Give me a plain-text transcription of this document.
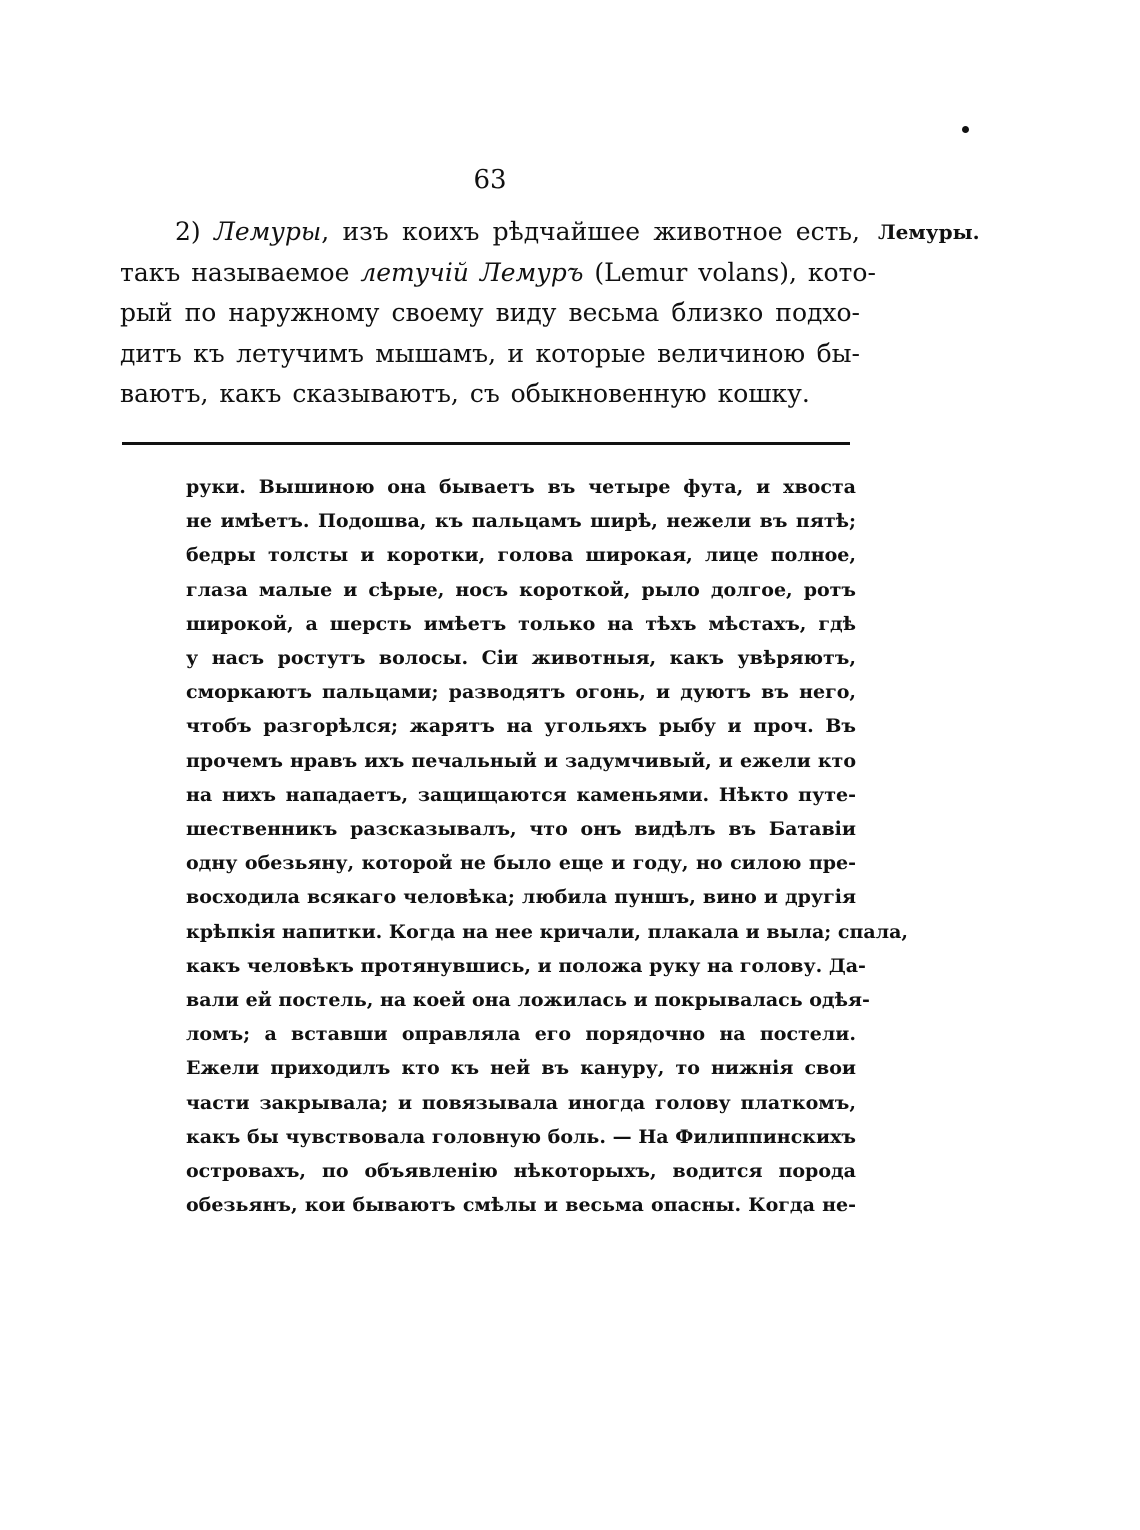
63
2) Лемуры, изъ коихъ рѣдчайшее животное есть,
такъ называемое летучій Лемуръ (Lemur volans), кото-
рый по наружному своему виду весьма близко подхо-
дитъ къ летучимъ мышамъ, и которые величиною бы-
ваютъ, какъ сказываютъ, съ обыкновенную кошку.
Лемуры.
руки. Вышиною она бываетъ въ четыре фута, и хвоста
не имѣетъ. Подошва, къ пальцамъ ширѣ, нежели въ пятѣ;
бедры толсты и коротки, голова широкая, лице полное,
глаза малые и сѣрые, носъ короткой, рыло долгое, ротъ
широкой, а шерсть имѣетъ только на тѣхъ мѣстахъ, гдѣ
у насъ ростутъ волосы. Сіи животныя, какъ увѣряютъ,
сморкаютъ пальцами; разводятъ огонь, и дуютъ въ него,
чтобъ разгорѣлся; жарятъ на угольяхъ рыбу и проч. Въ
прочемъ нравъ ихъ печальный и задумчивый, и ежели кто
на нихъ нападаетъ, защищаются каменьями. Нѣкто путе-
шественникъ разсказывалъ, что онъ видѣлъ въ Батавіи
одну обезьяну, которой не было еще и году, но силою пре-
восходила всякаго человѣка; любила пуншъ, вино и другія
крѣпкія напитки. Когда на нее кричали, плакала и выла; спала,
какъ человѣкъ протянувшись, и положа руку на голову. Да-
вали ей постель, на коей она ложилась и покрывалась одѣя-
ломъ; а вставши оправляла его порядочно на постели.
Ежели приходилъ кто къ ней въ кануру, то нижнія свои
части закрывала; и повязывала иногда голову платкомъ,
какъ бы чувствовала головную боль. — На Филиппинскихъ
островахъ, по объявленію нѣкоторыхъ, водится порода
обезьянъ, кои бываютъ смѣлы и весьма опасны. Когда не-
